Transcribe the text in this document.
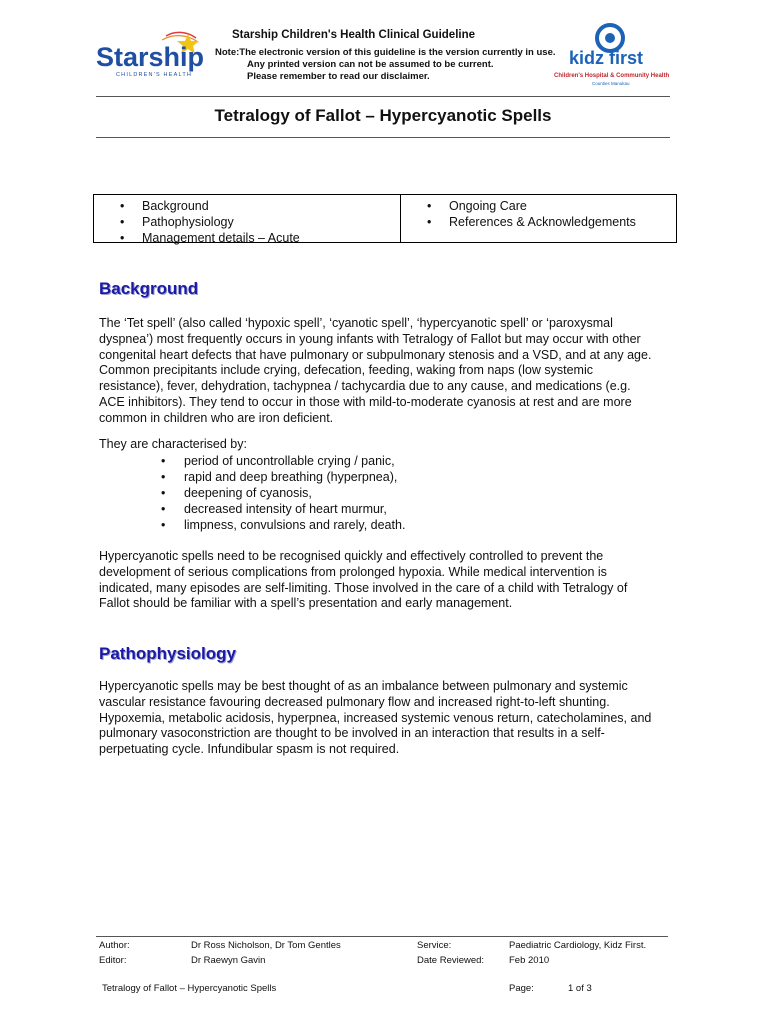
Starship
CHILDREN'S HEALTH
Starship Children's Health Clinical Guideline
Note:The electronic version of this guideline is the version currently in use.
Any printed version can not be assumed to be current.
Please remember to read our disclaimer.
kidz first
Children's Hospital & Community Health
Counties Manukau
Tetralogy of Fallot – Hypercyanotic Spells
• Background
• Pathophysiology
• Management details – Acute
• Ongoing Care
• References & Acknowledgements
Background

The ‘Tet spell’ (also called ‘hypoxic spell’, ‘cyanotic spell’, ‘hypercyanotic spell’ or ‘paroxysmal dyspnea’) most frequently occurs in young infants with Tetralogy of Fallot but may occur with other congenital heart defects that have pulmonary or subpulmonary stenosis and a VSD, and at any age. Common precipitants include crying, defecation, feeding, waking from naps (low systemic resistance), fever, dehydration, tachypnea / tachycardia due to any cause, and medications (e.g. ACE inhibitors). They tend to occur in those with mild-to-moderate cyanosis at rest and are more common in children who are iron deficient.

They are characterised by:
• period of uncontrollable crying / panic,
• rapid and deep breathing (hyperpnea),
• deepening of cyanosis,
• decreased intensity of heart murmur,
• limpness, convulsions and rarely, death.

Hypercyanotic spells need to be recognised quickly and effectively controlled to prevent the development of serious complications from prolonged hypoxia. While medical intervention is indicated, many episodes are self-limiting. Those involved in the care of a child with Tetralogy of Fallot should be familiar with a spell’s presentation and early management.

Pathophysiology

Hypercyanotic spells may be best thought of as an imbalance between pulmonary and systemic vascular resistance favouring decreased pulmonary flow and increased right-to-left shunting. Hypoxemia, metabolic acidosis, hyperpnea, increased systemic venous return, catecholamines, and pulmonary vasoconstriction are thought to be involved in an interaction that results in a self-perpetuating cycle. Infundibular spasm is not required.

Author:	Dr Ross Nicholson, Dr Tom Gentles	Service:	Paediatric Cardiology, Kidz First.
Editor:	Dr Raewyn Gavin	Date Reviewed:	Feb 2010
Tetralogy of Fallot – Hypercyanotic Spells	Page:	1 of 3
